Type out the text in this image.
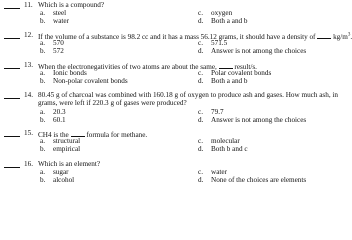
11. Which is a compound?
a. steel
b. water
c. oxygen
d. Both a and b
12. If the volume of a substance is 98.2 cc and it has a mass 56.12 grams, it should have a density of $kg/m^3$.
a. 570
b. 572
c. 571.5
d. Answer is not among the choices
13. When the electronegativities of two atoms are about the same, result/s.
a. Ionic bonds
b. Non-polar covalent bonds
c. Polar covalent bonds
d. Both a and b
14. 80.45 g of charcoal was combined with 160.18 g of oxygen to produce ash and gases. How much ash, in
grams, were left if 220.3 g of gases were produced?
a. 20.3
b. 60.1
c. 79.7
d. Answer is not among the choices
15. CH4 is the formula for methane.
a. structural
b. empirical
c. molecular
d. Both b and c
16. Which is an element?
a. sugar
b. alcohol
c. water
d. None of the choices are elements
